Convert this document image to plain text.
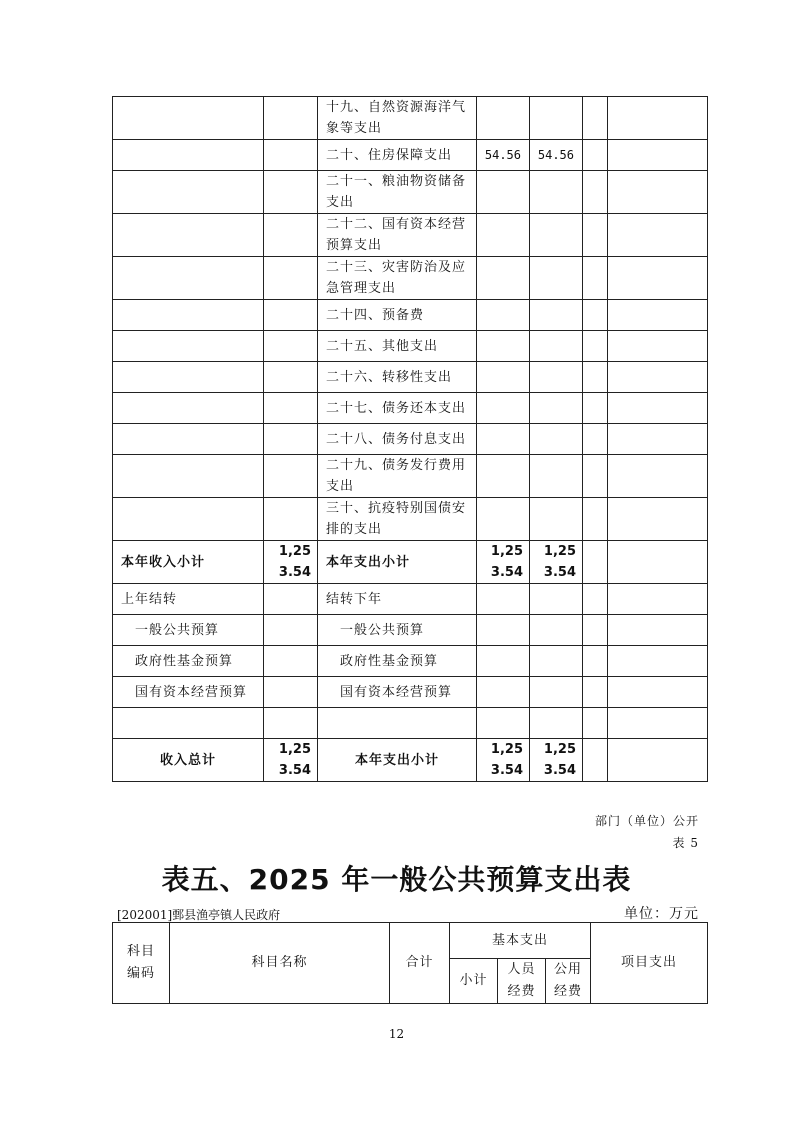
		十九、自然资源海洋气象等支出				
		二十、住房保障支出	54.56	54.56		
		二十一、粮油物资储备支出				
		二十二、国有资本经营预算支出				
		二十三、灾害防治及应急管理支出				
		二十四、预备费				
		二十五、其他支出				
		二十六、转移性支出				
		二十七、债务还本支出				
		二十八、债务付息支出				
		二十九、债务发行费用支出				
		三十、抗疫特别国债安排的支出				
本年收入小计	1,253.54	本年支出小计	1,253.54	1,253.54		

上年结转		结转下年				
一般公共预算		一般公共预算				
政府性基金预算		政府性基金预算				
国有资本经营预算		国有资本经营预算				

收入总计	1,253.54	本年支出小计	1,253.54	1,253.54		

部门（单位）公开
表 5
表五、2025 年一般公共预算支出表
[202001]鄄县渔亭镇人民政府	单位：万元
科目编码	科目名称	合计	基本支出			项目支出
			小计	人员经费	公用经费	
12
